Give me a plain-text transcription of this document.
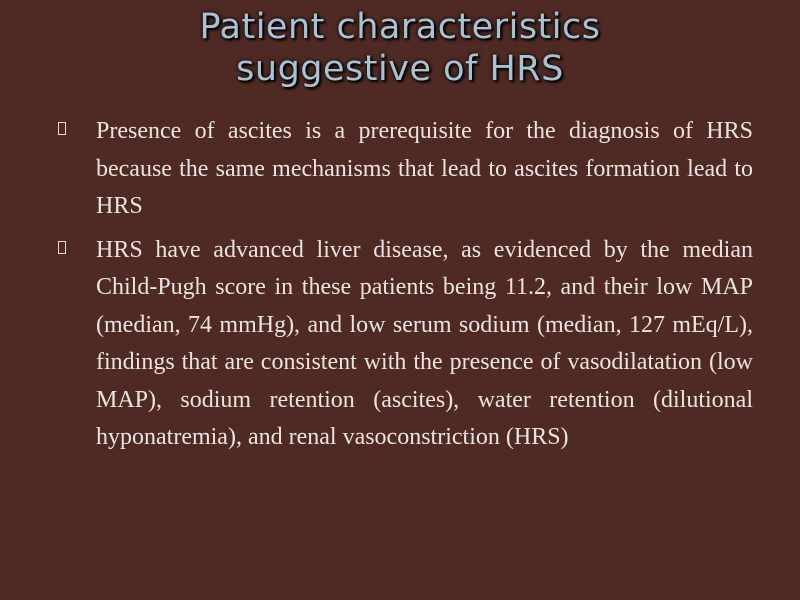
Patient characteristics
suggestive of HRS
Presence of ascites is a prerequisite for the diagnosis of HRS because the same mechanisms that lead to ascites formation lead to HRS
HRS have advanced liver disease, as evidenced by the median Child-Pugh score in these patients being 11.2, and their low MAP (median, 74 mmHg), and low serum sodium (median, 127 mEq/L), findings that are consistent with the presence of vasodilatation (low MAP), sodium retention (ascites), water retention (dilutional hyponatremia), and renal vasoconstriction (HRS)
